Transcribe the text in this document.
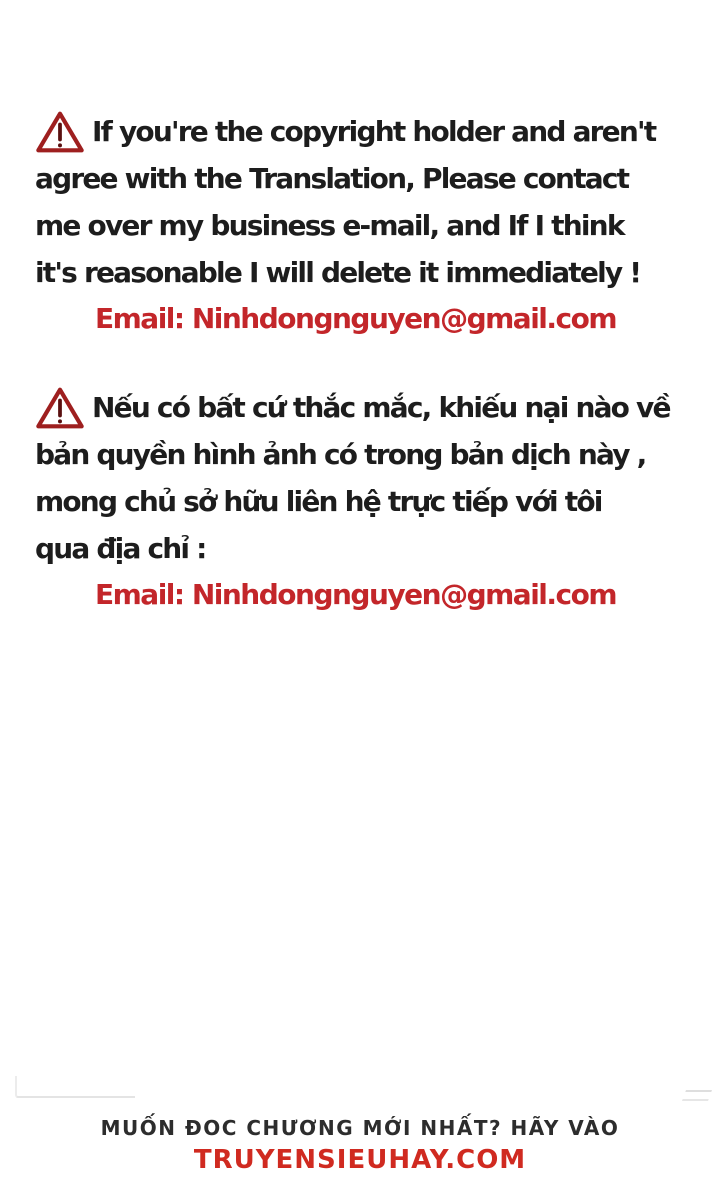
If you're the copyright holder and aren't
agree with the Translation, Please contact
me over my business e-mail, and If I think
it's reasonable I will delete it immediately !
Email: Ninhdongnguyen@gmail.com
Nếu có bất cứ thắc mắc, khiếu nại nào về
bản quyền hình ảnh có trong bản dịch này ,
mong chủ sở hữu liên hệ trực tiếp với tôi
qua địa chỉ :
Email: Ninhdongnguyen@gmail.com
MUỐN ĐOC CHƯƠNG MỚI NHẤT? HÃY VÀO
TRUYENSIEUHAY.COM
